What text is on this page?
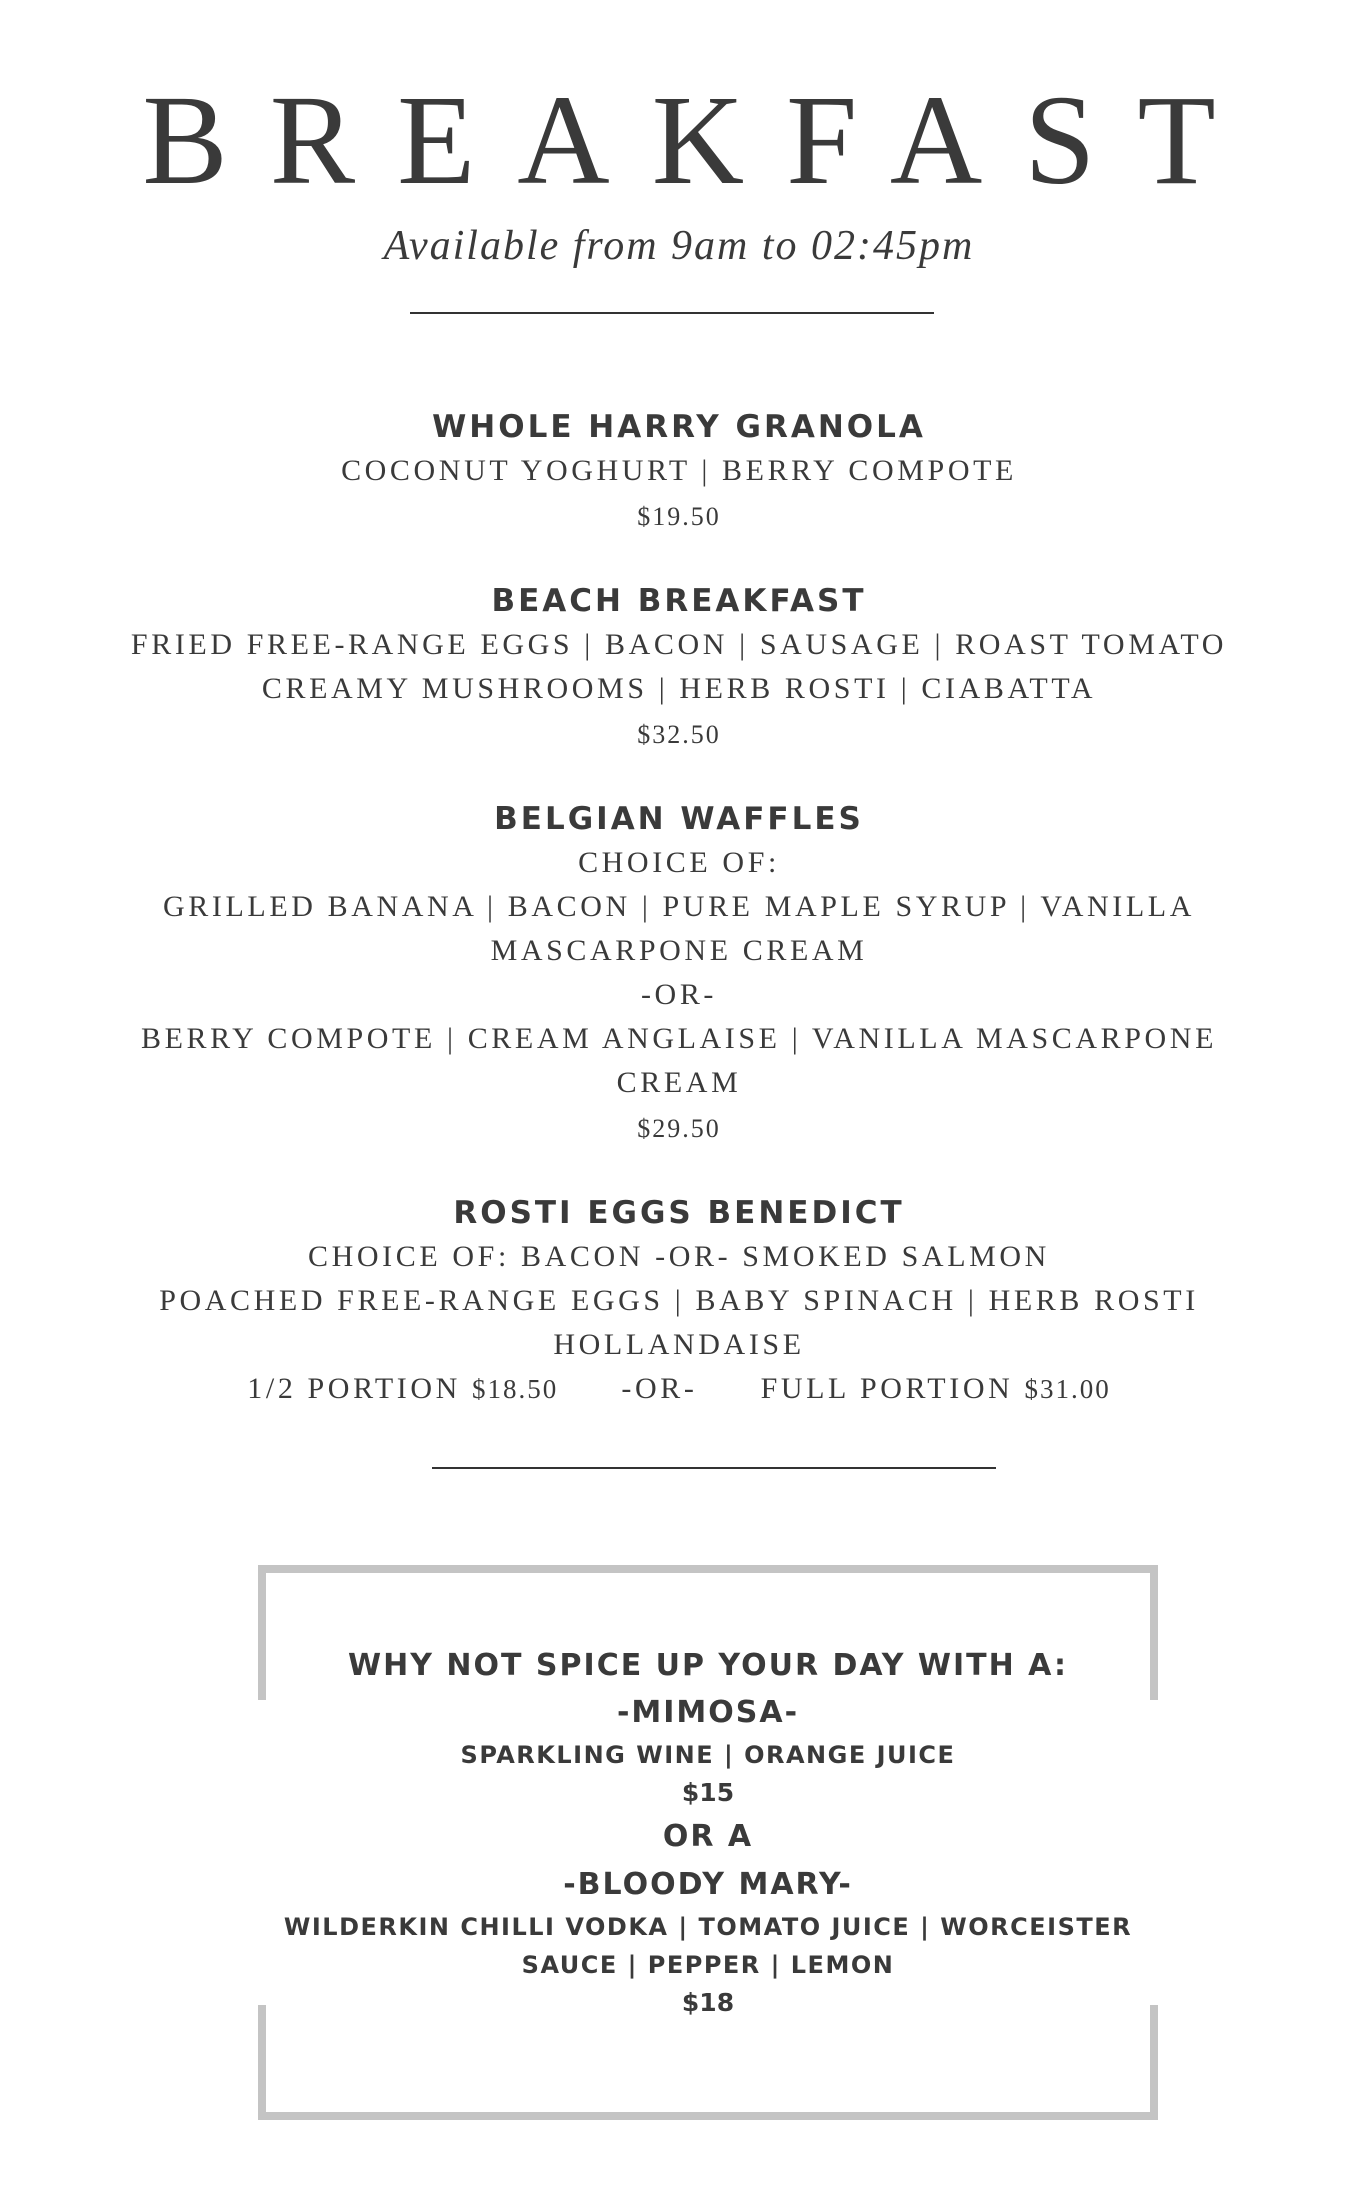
BREAKFAST
Available from 9am to 02:45pm
WHOLE HARRY GRANOLA
COCONUT YOGHURT | BERRY COMPOTE
$19.50
BEACH BREAKFAST
FRIED FREE-RANGE EGGS | BACON | SAUSAGE | ROAST TOMATO
CREAMY MUSHROOMS | HERB ROSTI | CIABATTA
$32.50
BELGIAN WAFFLES
CHOICE OF:
GRILLED BANANA | BACON | PURE MAPLE SYRUP | VANILLA
MASCARPONE CREAM
-OR-
BERRY COMPOTE | CREAM ANGLAISE | VANILLA MASCARPONE
CREAM
$29.50
ROSTI EGGS BENEDICT
CHOICE OF: BACON -OR- SMOKED SALMON
POACHED FREE-RANGE EGGS | BABY SPINACH | HERB ROSTI
HOLLANDAISE
1/2 PORTION $18.50 -OR- FULL PORTION $31.00
WHY NOT SPICE UP YOUR DAY WITH A:
-MIMOSA-
SPARKLING WINE | ORANGE JUICE
$15
OR A
-BLOODY MARY-
WILDERKIN CHILLI VODKA | TOMATO JUICE | WORCEISTER
SAUCE | PEPPER | LEMON
$18
